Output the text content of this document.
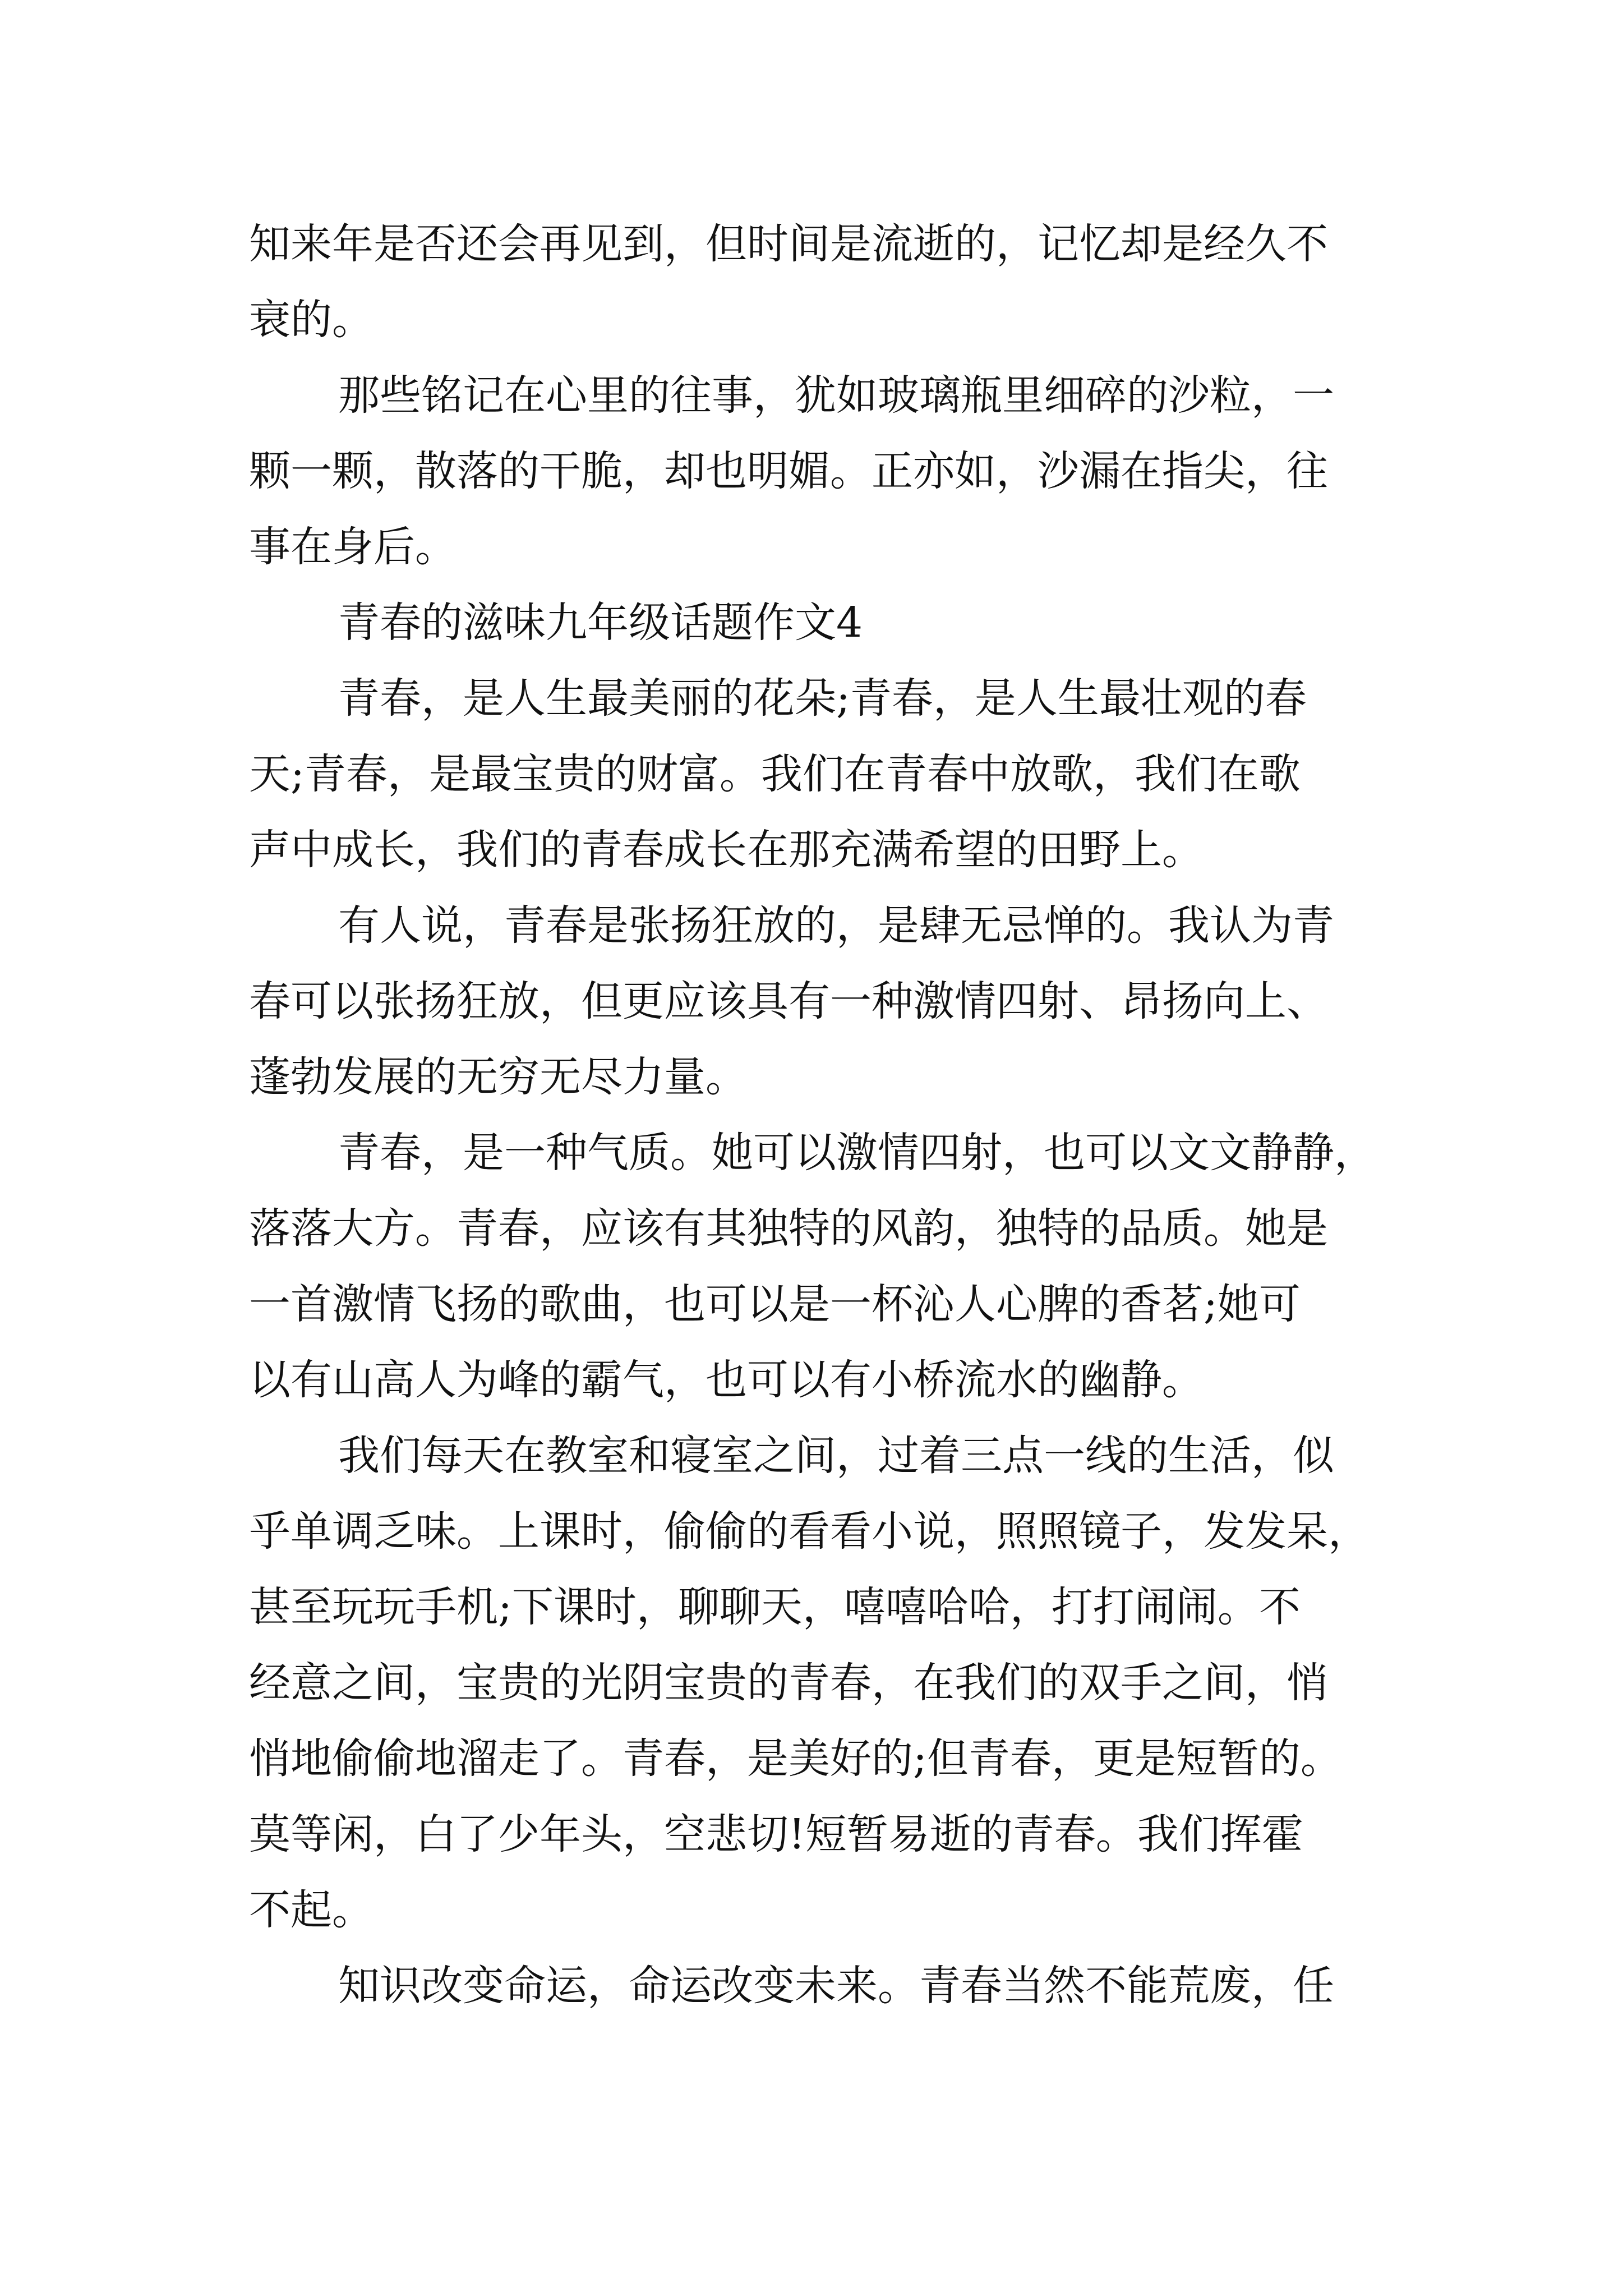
知来年是否还会再见到，但时间是流逝的，记忆却是经久不
衰的。
那些铭记在心里的往事，犹如玻璃瓶里细碎的沙粒，一
颗一颗，散落的干脆，却也明媚。正亦如，沙漏在指尖，往
事在身后。
青春的滋味九年级话题作文4
青春，是人生最美丽的花朵;青春，是人生最壮观的春
天;青春，是最宝贵的财富。我们在青春中放歌，我们在歌
声中成长，我们的青春成长在那充满希望的田野上。
有人说，青春是张扬狂放的，是肆无忌惮的。我认为青
春可以张扬狂放，但更应该具有一种激情四射、昂扬向上、
蓬勃发展的无穷无尽力量。
青春，是一种气质。她可以激情四射，也可以文文静静，
落落大方。青春，应该有其独特的风韵，独特的品质。她是
一首激情飞扬的歌曲，也可以是一杯沁人心脾的香茗;她可
以有山高人为峰的霸气，也可以有小桥流水的幽静。
我们每天在教室和寝室之间，过着三点一线的生活，似
乎单调乏味。上课时，偷偷的看看小说，照照镜子，发发呆，
甚至玩玩手机;下课时，聊聊天，嘻嘻哈哈，打打闹闹。不
经意之间，宝贵的光阴宝贵的青春，在我们的双手之间，悄
悄地偷偷地溜走了。青春，是美好的;但青春，更是短暂的。
莫等闲，白了少年头，空悲切!短暂易逝的青春。我们挥霍
不起。
知识改变命运，命运改变未来。青春当然不能荒废，任
